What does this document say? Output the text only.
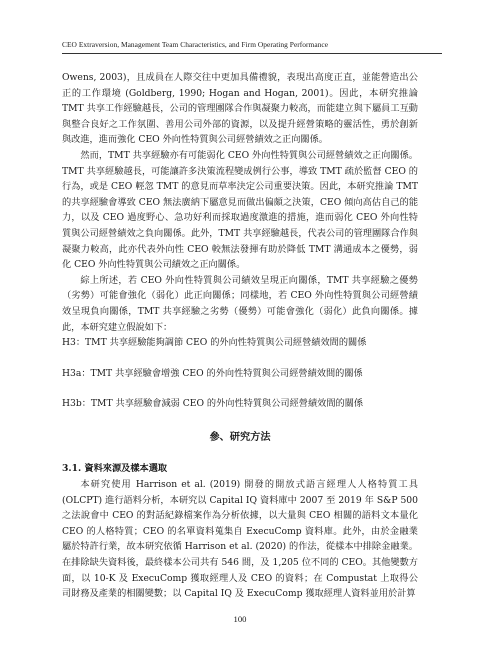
CEO Extraversion, Management Team Characteristics, and Firm Operating Performance

Owens, 2003)，且成員在人際交往中更加具備禮貌，表現出高度正直，並能營造出公正的工作環境 (Goldberg, 1990; Hogan and Hogan, 2001)。因此，本研究推論 TMT 共享工作經驗越長，公司的管理團隊合作與凝聚力較高，而能建立與下屬員工互動與整合良好之工作氛圍、善用公司外部的資源，以及提升經營策略的靈活性，勇於創新與改進，進而強化 CEO 外向性特質與公司經營績效之正向關係。

然而，TMT 共享經驗亦有可能弱化 CEO 外向性特質與公司經營績效之正向關係。TMT 共享經驗越長，可能讓許多決策流程變成例行公事，導致 TMT 疏於監督 CEO 的行為，或是 CEO 輕忽 TMT 的意見而草率決定公司重要決策。因此，本研究推論 TMT 的共享經驗會導致 CEO 無法廣納下屬意見而做出偏頗之決策，CEO 傾向高估自己的能力，以及 CEO 過度野心、急功好利而採取過度激進的措施，進而弱化 CEO 外向性特質與公司經營績效之負向關係。此外，TMT 共享經驗越長，代表公司的管理團隊合作與凝聚力較高，此亦代表外向性 CEO 較無法發揮有助於降低 TMT 溝通成本之優勢，弱化 CEO 外向性特質與公司績效之正向關係。

綜上所述，若 CEO 外向性特質與公司績效呈現正向關係，TMT 共享經驗之優勢（劣勢）可能會強化（弱化）此正向關係；同樣地，若 CEO 外向性特質與公司經營績效呈現負向關係，TMT 共享經驗之劣勢（優勢）可能會強化（弱化）此負向關係。據此，本研究建立假說如下：

H3：TMT 共享經驗能夠調節 CEO 的外向性特質與公司經營績效間的關係

H3a：TMT 共享經驗會增強 CEO 的外向性特質與公司經營績效間的關係

H3b：TMT 共享經驗會減弱 CEO 的外向性特質與公司經營績效間的關係

參、研究方法

3.1. 資料來源及樣本選取

本研究使用 Harrison et al. (2019) 開發的開放式語言經理人人格特質工具 (OLCPT) 進行語料分析，本研究以 Capital IQ 資料庫中 2007 至 2019 年 S&P 500 之法說會中 CEO 的對話紀錄檔案作為分析依據，以大量與 CEO 相關的語料文本量化 CEO 的人格特質；CEO 的名單資料蒐集自 ExecuComp 資料庫。此外，由於金融業屬於特許行業，故本研究依循 Harrison et al. (2020) 的作法，從樣本中排除金融業。在排除缺失資料後，最終樣本公司共有 546 間，及 1,205 位不同的 CEO。其他變數方面，以 10-K 及 ExecuComp 獲取經理人及 CEO 的資料；在 Compustat 上取得公司財務及產業的相關變數；以 Capital IQ 及 ExecuComp 獲取經理人資料並用於計算

100
